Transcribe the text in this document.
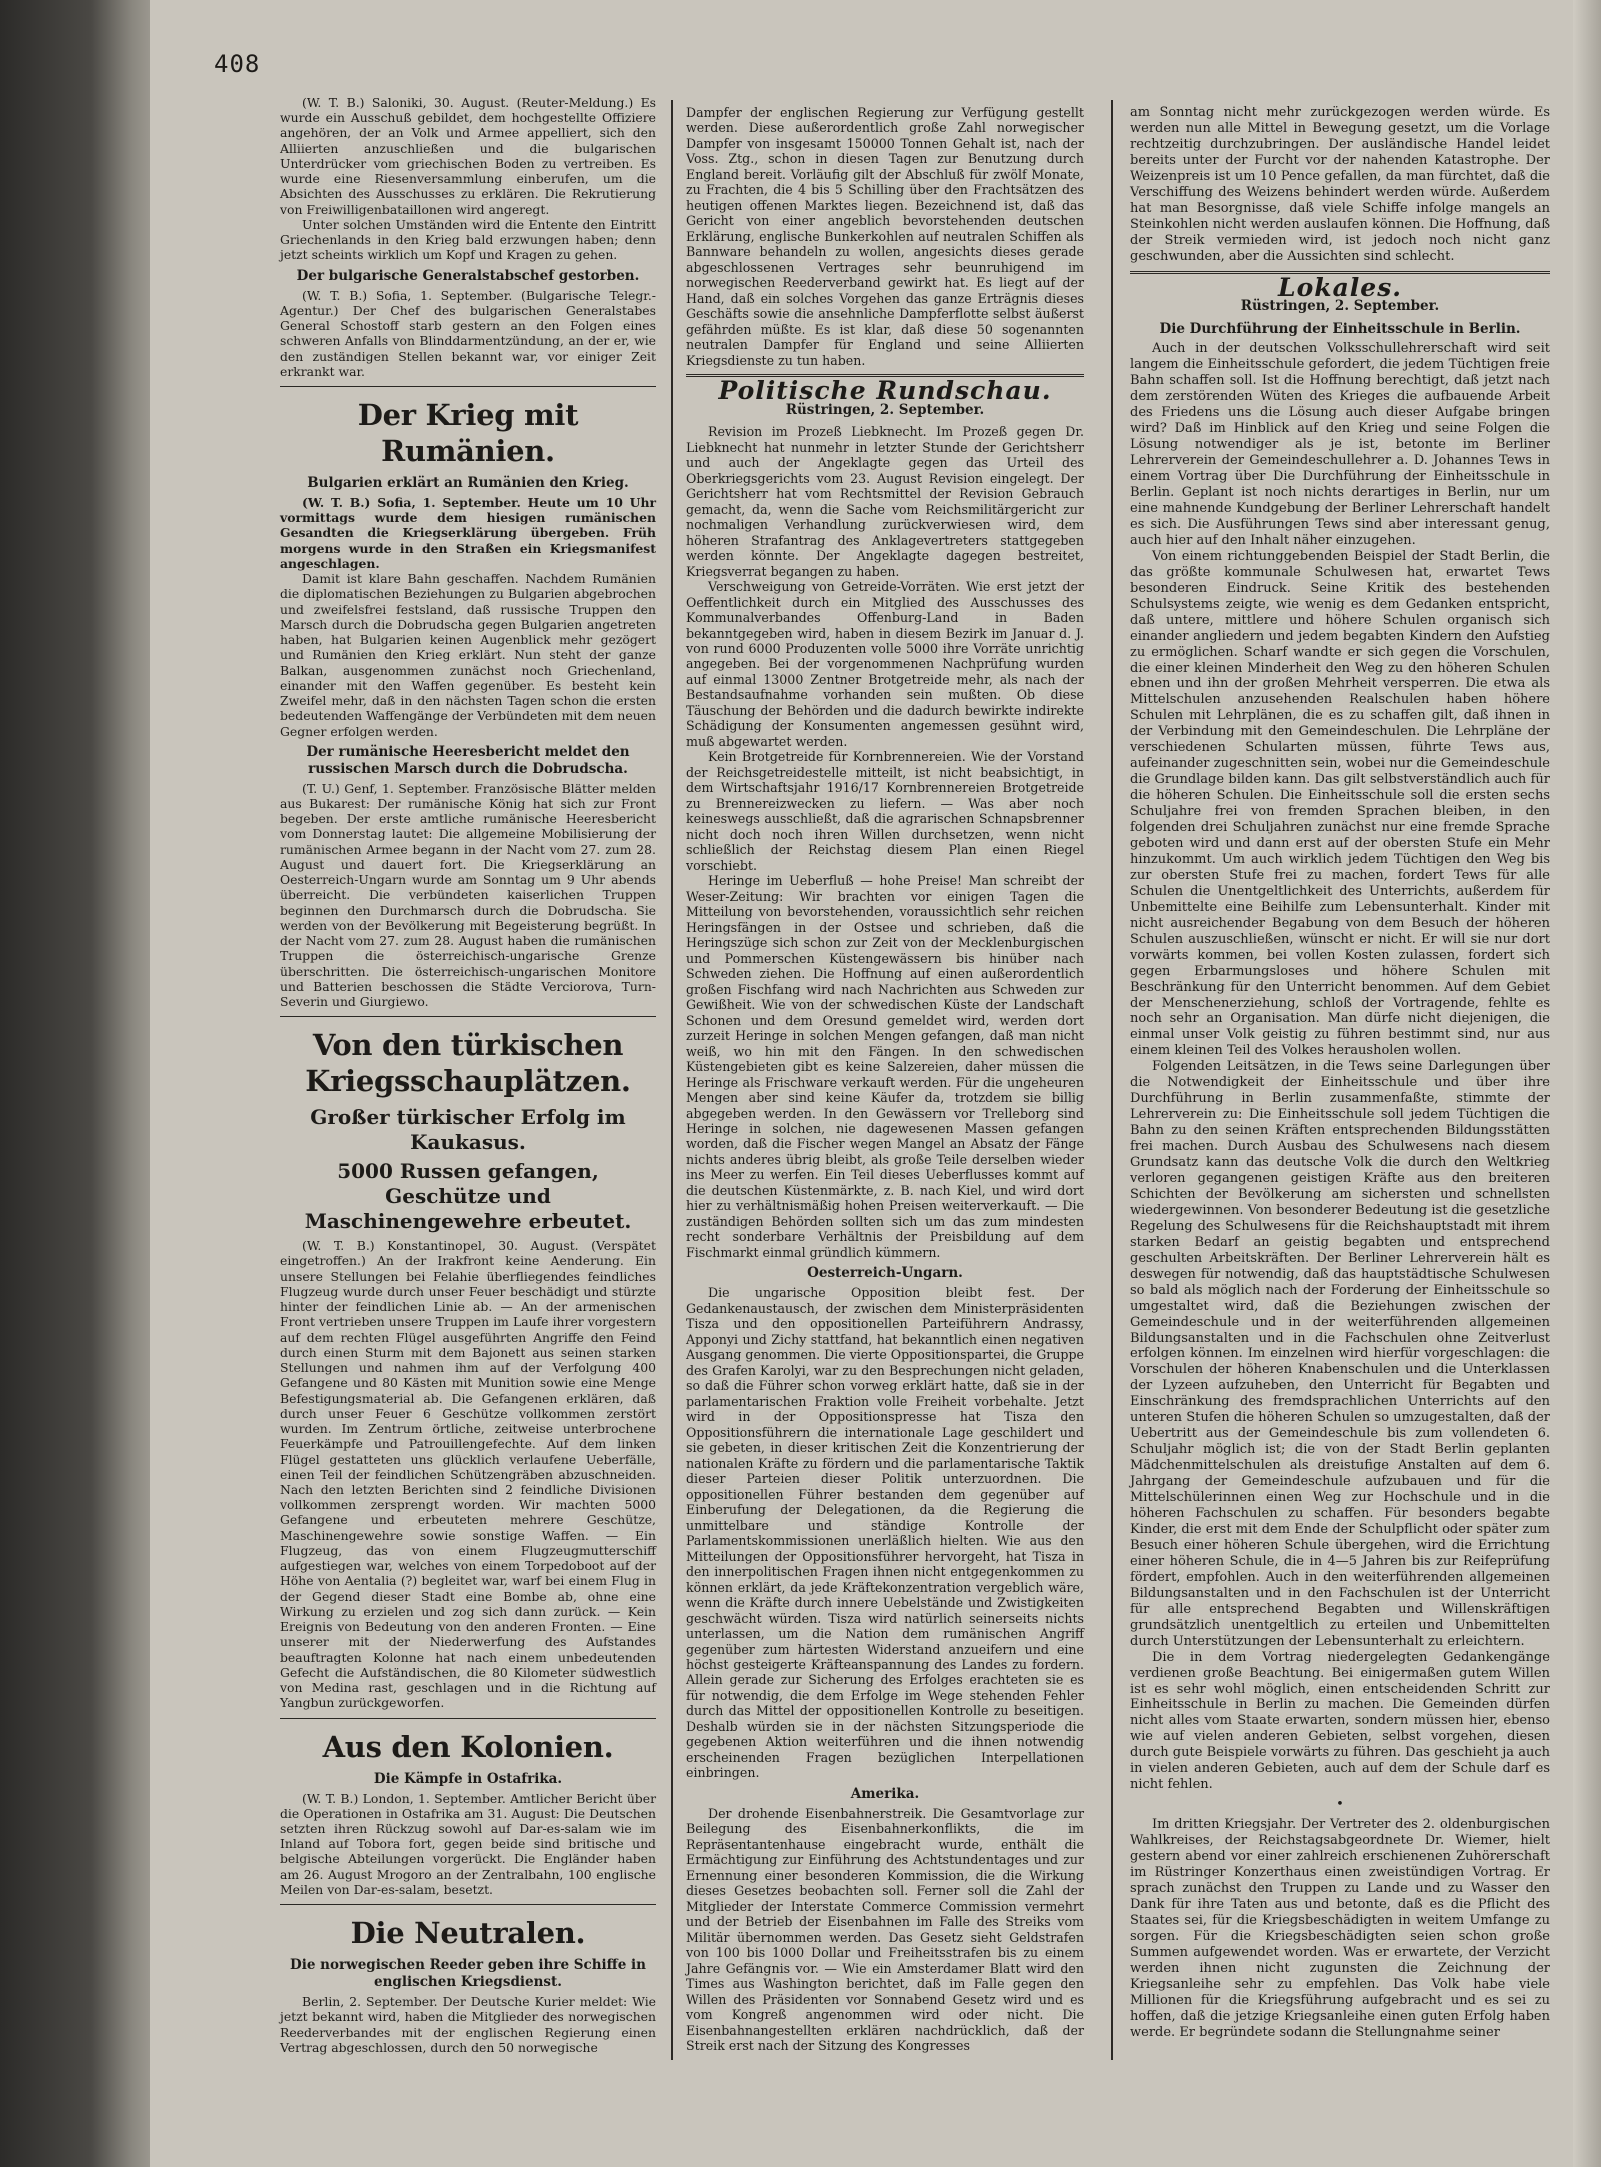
408

(W. T. B.) Saloniki, 30. August. (Reuter-Meldung.) Es wurde ein Ausschuß gebildet, dem hochgestellte Offiziere angehören, der an Volk und Armee appelliert, sich den Alliierten anzuschließen und die bulgarischen Unterdrücker vom griechischen Boden zu vertreiben. Es wurde eine Riesenversammlung einberufen, um die Absichten des Ausschusses zu erklären. Die Rekrutierung von Freiwilligenbataillonen wird angeregt.

Unter solchen Umständen wird die Entente den Eintritt Griechenlands in den Krieg bald erzwungen haben; denn jetzt scheints wirklich um Kopf und Kragen zu gehen.

Der bulgarische Generalstabschef gestorben.

(W. T. B.) Sofia, 1. September. (Bulgarische Telegr.-Agentur.) Der Chef des bulgarischen Generalstabes General Schostoff starb gestern an den Folgen eines schweren Anfalls von Blinddarmentzündung, an der er, wie den zuständigen Stellen bekannt war, vor einiger Zeit erkrankt war.

Der Krieg mit Rumänien.
Bulgarien erklärt an Rumänien den Krieg.

(W. T. B.) Sofia, 1. September. Heute um 10 Uhr vormittags wurde dem hiesigen rumänischen Gesandten die Kriegserklärung übergeben. Früh morgens wurde in den Straßen ein Kriegsmanifest angeschlagen.

Damit ist klare Bahn geschaffen. Nachdem Rumänien die diplomatischen Beziehungen zu Bulgarien abgebrochen und zweifelsfrei festsland, daß russische Truppen den Marsch durch die Dobrudscha gegen Bulgarien angetreten haben, hat Bulgarien keinen Augenblick mehr gezögert und Rumänien den Krieg erklärt. Nun steht der ganze Balkan, ausgenommen zunächst noch Griechenland, einander mit den Waffen gegenüber. Es besteht kein Zweifel mehr, daß in den nächsten Tagen schon die ersten bedeutenden Waffengänge der Verbündeten mit dem neuen Gegner erfolgen werden.

Der rumänische Heeresbericht meldet den russischen Marsch durch die Dobrudscha.

(T. U.) Genf, 1. September. Französische Blätter melden aus Bukarest: Der rumänische König hat sich zur Front begeben. Der erste amtliche rumänische Heeresbericht vom Donnerstag lautet: Die allgemeine Mobilisierung der rumänischen Armee begann in der Nacht vom 27. zum 28. August und dauert fort. Die Kriegserklärung an Oesterreich-Ungarn wurde am Sonntag um 9 Uhr abends überreicht. Die verbündeten kaiserlichen Truppen beginnen den Durchmarsch durch die Dobrudscha. Sie werden von der Bevölkerung mit Begeisterung begrüßt. In der Nacht vom 27. zum 28. August haben die rumänischen Truppen die österreichisch-ungarische Grenze überschritten. Die österreichisch-ungarischen Monitore und Batterien beschossen die Städte Verciorova, Turn-Severin und Giurgiewo.

Von den türkischen Kriegsschauplätzen.
Großer türkischer Erfolg im Kaukasus.
5000 Russen gefangen, Geschütze und Maschinengewehre erbeutet.

(W. T. B.) Konstantinopel, 30. August. (Verspätet eingetroffen.) An der Irakfront keine Aenderung. Ein unsere Stellungen bei Felahie überfliegendes feindliches Flugzeug wurde durch unser Feuer beschädigt und stürzte hinter der feindlichen Linie ab. — An der armenischen Front vertrieben unsere Truppen im Laufe ihrer vorgestern auf dem rechten Flügel ausgeführten Angriffe den Feind durch einen Sturm mit dem Bajonett aus seinen starken Stellungen und nahmen ihm auf der Verfolgung 400 Gefangene und 80 Kästen mit Munition sowie eine Menge Befestigungsmaterial ab. Die Gefangenen erklären, daß durch unser Feuer 6 Geschütze vollkommen zerstört wurden. Im Zentrum örtliche, zeitweise unterbrochene Feuerkämpfe und Patrouillengefechte. Auf dem linken Flügel gestatteten uns glücklich verlaufene Ueberfälle, einen Teil der feindlichen Schützengräben abzuschneiden. Nach den letzten Berichten sind 2 feindliche Divisionen vollkommen zersprengt worden. Wir machten 5000 Gefangene und erbeuteten mehrere Geschütze, Maschinengewehre sowie sonstige Waffen. — Ein Flugzeug, das von einem Flugzeugmutterschiff aufgestiegen war, welches von einem Torpedoboot auf der Höhe von Aentalia (?) begleitet war, warf bei einem Flug in der Gegend dieser Stadt eine Bombe ab, ohne eine Wirkung zu erzielen und zog sich dann zurück. — Kein Ereignis von Bedeutung von den anderen Fronten. — Eine unserer mit der Niederwerfung des Aufstandes beauftragten Kolonne hat nach einem unbedeutenden Gefecht die Aufständischen, die 80 Kilometer südwestlich von Medina rast, geschlagen und in die Richtung auf Yangbun zurückgeworfen.

Aus den Kolonien.
Die Kämpfe in Ostafrika.

(W. T. B.) London, 1. September. Amtlicher Bericht über die Operationen in Ostafrika am 31. August: Die Deutschen setzten ihren Rückzug sowohl auf Dar-es-salam wie im Inland auf Tobora fort, gegen beide sind britische und belgische Abteilungen vorgerückt. Die Engländer haben am 26. August Mrogoro an der Zentralbahn, 100 englische Meilen von Dar-es-salam, besetzt.

Die Neutralen.
Die norwegischen Reeder geben ihre Schiffe in englischen Kriegsdienst.

Berlin, 2. September. Der Deutsche Kurier meldet: Wie jetzt bekannt wird, haben die Mitglieder des norwegischen Reederverbandes mit der englischen Regierung einen Vertrag abgeschlossen, durch den 50 norwegische

Dampfer der englischen Regierung zur Verfügung gestellt werden. Diese außerordentlich große Zahl norwegischer Dampfer von insgesamt 150000 Tonnen Gehalt ist, nach der Voss. Ztg., schon in diesen Tagen zur Benutzung durch England bereit. Vorläufig gilt der Abschluß für zwölf Monate, zu Frachten, die 4 bis 5 Schilling über den Frachtsätzen des heutigen offenen Marktes liegen. Bezeichnend ist, daß das Gericht von einer angeblich bevorstehenden deutschen Erklärung, englische Bunkerkohlen auf neutralen Schiffen als Bannware behandeln zu wollen, angesichts dieses gerade abgeschlossenen Vertrages sehr beunruhigend im norwegischen Reederverband gewirkt hat. Es liegt auf der Hand, daß ein solches Vorgehen das ganze Erträgnis dieses Geschäfts sowie die ansehnliche Dampferflotte selbst äußerst gefährden müßte. Es ist klar, daß diese 50 sogenannten neutralen Dampfer für England und seine Alliierten Kriegsdienste zu tun haben.

Politische Rundschau.
Rüstringen, 2. September.

Revision im Prozeß Liebknecht. Im Prozeß gegen Dr. Liebknecht hat nunmehr in letzter Stunde der Gerichtsherr und auch der Angeklagte gegen das Urteil des Oberkriegsgerichts vom 23. August Revision eingelegt. Der Gerichtsherr hat vom Rechtsmittel der Revision Gebrauch gemacht, da, wenn die Sache vom Reichsmilitärgericht zur nochmaligen Verhandlung zurückverwiesen wird, dem höheren Strafantrag des Anklagevertreters stattgegeben werden könnte. Der Angeklagte dagegen bestreitet, Kriegsverrat begangen zu haben.

Verschweigung von Getreide-Vorräten. Wie erst jetzt der Oeffentlichkeit durch ein Mitglied des Ausschusses des Kommunalverbandes Offenburg-Land in Baden bekanntgegeben wird, haben in diesem Bezirk im Januar d. J. von rund 6000 Produzenten volle 5000 ihre Vorräte unrichtig angegeben. Bei der vorgenommenen Nachprüfung wurden auf einmal 13000 Zentner Brotgetreide mehr, als nach der Bestandsaufnahme vorhanden sein mußten. Ob diese Täuschung der Behörden und die dadurch bewirkte indirekte Schädigung der Konsumenten angemessen gesühnt wird, muß abgewartet werden.

Kein Brotgetreide für Kornbrennereien. Wie der Vorstand der Reichsgetreidestelle mitteilt, ist nicht beabsichtigt, in dem Wirtschaftsjahr 1916/17 Kornbrennereien Brotgetreide zu Brennereizwecken zu liefern. — Was aber noch keineswegs ausschließt, daß die agrarischen Schnapsbrenner nicht doch noch ihren Willen durchsetzen, wenn nicht schließlich der Reichstag diesem Plan einen Riegel vorschiebt.

Heringe im Ueberfluß — hohe Preise! Man schreibt der Weser-Zeitung: Wir brachten vor einigen Tagen die Mitteilung von bevorstehenden, voraussichtlich sehr reichen Heringsfängen in der Ostsee und schrieben, daß die Heringszüge sich schon zur Zeit von der Mecklenburgischen und Pommerschen Küstengewässern bis hinüber nach Schweden ziehen. Die Hoffnung auf einen außerordentlich großen Fischfang wird nach Nachrichten aus Schweden zur Gewißheit. Wie von der schwedischen Küste der Landschaft Schonen und dem Oresund gemeldet wird, werden dort zurzeit Heringe in solchen Mengen gefangen, daß man nicht weiß, wo hin mit den Fängen. In den schwedischen Küstengebieten gibt es keine Salzereien, daher müssen die Heringe als Frischware verkauft werden. Für die ungeheuren Mengen aber sind keine Käufer da, trotzdem sie billig abgegeben werden. In den Gewässern vor Trelleborg sind Heringe in solchen, nie dagewesenen Massen gefangen worden, daß die Fischer wegen Mangel an Absatz der Fänge nichts anderes übrig bleibt, als große Teile derselben wieder ins Meer zu werfen. Ein Teil dieses Ueberflusses kommt auf die deutschen Küstenmärkte, z. B. nach Kiel, und wird dort hier zu verhältnismäßig hohen Preisen weiterverkauft. — Die zuständigen Behörden sollten sich um das zum mindesten recht sonderbare Verhältnis der Preisbildung auf dem Fischmarkt einmal gründlich kümmern.

Oesterreich-Ungarn.

Die ungarische Opposition bleibt fest. Der Gedankenaustausch, der zwischen dem Ministerpräsidenten Tisza und den oppositionellen Parteiführern Andrassy, Apponyi und Zichy stattfand, hat bekanntlich einen negativen Ausgang genommen. Die vierte Oppositionspartei, die Gruppe des Grafen Karolyi, war zu den Besprechungen nicht geladen, so daß die Führer schon vorweg erklärt hatte, daß sie in der parlamentarischen Fraktion volle Freiheit vorbehalte. Jetzt wird in der Oppositionspresse hat Tisza den Oppositionsführern die internationale Lage geschildert und sie gebeten, in dieser kritischen Zeit die Konzentrierung der nationalen Kräfte zu fördern und die parlamentarische Taktik dieser Parteien dieser Politik unterzuordnen. Die oppositionellen Führer bestanden dem gegenüber auf Einberufung der Delegationen, da die Regierung die unmittelbare und ständige Kontrolle der Parlamentskommissionen unerläßlich hielten. Wie aus den Mitteilungen der Oppositionsführer hervorgeht, hat Tisza in den innerpolitischen Fragen ihnen nicht entgegenkommen zu können erklärt, da jede Kräftekonzentration vergeblich wäre, wenn die Kräfte durch innere Uebelstände und Zwistigkeiten geschwächt würden. Tisza wird natürlich seinerseits nichts unterlassen, um die Nation dem rumänischen Angriff gegenüber zum härtesten Widerstand anzueifern und eine höchst gesteigerte Kräfteanspannung des Landes zu fordern. Allein gerade zur Sicherung des Erfolges erachteten sie es für notwendig, die dem Erfolge im Wege stehenden Fehler durch das Mittel der oppositionellen Kontrolle zu beseitigen. Deshalb würden sie in der nächsten Sitzungsperiode die gegebenen Aktion weiterführen und die ihnen notwendig erscheinenden Fragen bezüglichen Interpellationen einbringen.

Amerika.

Der drohende Eisenbahnerstreik. Die Gesamtvorlage zur Beilegung des Eisenbahnerkonflikts, die im Repräsentantenhause eingebracht wurde, enthält die Ermächtigung zur Einführung des Achtstundentages und zur Ernennung einer besonderen Kommission, die die Wirkung dieses Gesetzes beobachten soll. Ferner soll die Zahl der Mitglieder der Interstate Commerce Commission vermehrt und der Betrieb der Eisenbahnen im Falle des Streiks vom Militär übernommen werden. Das Gesetz sieht Geldstrafen von 100 bis 1000 Dollar und Freiheitsstrafen bis zu einem Jahre Gefängnis vor. — Wie ein Amsterdamer Blatt wird den Times aus Washington berichtet, daß im Falle gegen den Willen des Präsidenten vor Sonnabend Gesetz wird und es vom Kongreß angenommen wird oder nicht. Die Eisenbahnangestellten erklären nachdrücklich, daß der Streik erst nach der Sitzung des Kongresses

am Sonntag nicht mehr zurückgezogen werden würde. Es werden nun alle Mittel in Bewegung gesetzt, um die Vorlage rechtzeitig durchzubringen. Der ausländische Handel leidet bereits unter der Furcht vor der nahenden Katastrophe. Der Weizenpreis ist um 10 Pence gefallen, da man fürchtet, daß die Verschiffung des Weizens behindert werden würde. Außerdem hat man Besorgnisse, daß viele Schiffe infolge mangels an Steinkohlen nicht werden auslaufen können. Die Hoffnung, daß der Streik vermieden wird, ist jedoch noch nicht ganz geschwunden, aber die Aussichten sind schlecht.

Lokales.
Rüstringen, 2. September.
Die Durchführung der Einheitsschule in Berlin.

Auch in der deutschen Volksschullehrerschaft wird seit langem die Einheitsschule gefordert, die jedem Tüchtigen freie Bahn schaffen soll. Ist die Hoffnung berechtigt, daß jetzt nach dem zerstörenden Wüten des Krieges die aufbauende Arbeit des Friedens uns die Lösung auch dieser Aufgabe bringen wird? Daß im Hinblick auf den Krieg und seine Folgen die Lösung notwendiger als je ist, betonte im Berliner Lehrerverein der Gemeindeschullehrer a. D. Johannes Tews in einem Vortrag über Die Durchführung der Einheitsschule in Berlin. Geplant ist noch nichts derartiges in Berlin, nur um eine mahnende Kundgebung der Berliner Lehrerschaft handelt es sich. Die Ausführungen Tews sind aber interessant genug, auch hier auf den Inhalt näher einzugehen.

Von einem richtunggebenden Beispiel der Stadt Berlin, die das größte kommunale Schulwesen hat, erwartet Tews besonderen Eindruck. Seine Kritik des bestehenden Schulsystems zeigte, wie wenig es dem Gedanken entspricht, daß untere, mittlere und höhere Schulen organisch sich einander angliedern und jedem begabten Kindern den Aufstieg zu ermöglichen. Scharf wandte er sich gegen die Vorschulen, die einer kleinen Minderheit den Weg zu den höheren Schulen ebnen und ihn der großen Mehrheit versperren. Die etwa als Mittelschulen anzusehenden Realschulen haben höhere Schulen mit Lehrplänen, die es zu schaffen gilt, daß ihnen in der Verbindung mit den Gemeindeschulen. Die Lehrpläne der verschiedenen Schularten müssen, führte Tews aus, aufeinander zugeschnitten sein, wobei nur die Gemeindeschule die Grundlage bilden kann. Das gilt selbstverständlich auch für die höheren Schulen. Die Einheitsschule soll die ersten sechs Schuljahre frei von fremden Sprachen bleiben, in den folgenden drei Schuljahren zunächst nur eine fremde Sprache geboten wird und dann erst auf der obersten Stufe ein Mehr hinzukommt. Um auch wirklich jedem Tüchtigen den Weg bis zur obersten Stufe frei zu machen, fordert Tews für alle Schulen die Unentgeltlichkeit des Unterrichts, außerdem für Unbemittelte eine Beihilfe zum Lebensunterhalt. Kinder mit nicht ausreichender Begabung von dem Besuch der höheren Schulen auszuschließen, wünscht er nicht. Er will sie nur dort vorwärts kommen, bei vollen Kosten zulassen, fordert sich gegen Erbarmungsloses und höhere Schulen mit Beschränkung für den Unterricht benommen. Auf dem Gebiet der Menschenerziehung, schloß der Vortragende, fehlte es noch sehr an Organisation. Man dürfe nicht diejenigen, die einmal unser Volk geistig zu führen bestimmt sind, nur aus einem kleinen Teil des Volkes herausholen wollen.

Folgenden Leitsätzen, in die Tews seine Darlegungen über die Notwendigkeit der Einheitsschule und über ihre Durchführung in Berlin zusammenfaßte, stimmte der Lehrerverein zu: Die Einheitsschule soll jedem Tüchtigen die Bahn zu den seinen Kräften entsprechenden Bildungsstätten frei machen. Durch Ausbau des Schulwesens nach diesem Grundsatz kann das deutsche Volk die durch den Weltkrieg verloren gegangenen geistigen Kräfte aus den breiteren Schichten der Bevölkerung am sichersten und schnellsten wiedergewinnen. Von besonderer Bedeutung ist die gesetzliche Regelung des Schulwesens für die Reichshauptstadt mit ihrem starken Bedarf an geistig begabten und entsprechend geschulten Arbeitskräften. Der Berliner Lehrerverein hält es deswegen für notwendig, daß das hauptstädtische Schulwesen so bald als möglich nach der Forderung der Einheitsschule so umgestaltet wird, daß die Beziehungen zwischen der Gemeindeschule und in der weiterführenden allgemeinen Bildungsanstalten und in die Fachschulen ohne Zeitverlust erfolgen können. Im einzelnen wird hierfür vorgeschlagen: die Vorschulen der höheren Knabenschulen und die Unterklassen der Lyzeen aufzuheben, den Unterricht für Begabten und Einschränkung des fremdsprachlichen Unterrichts auf den unteren Stufen die höheren Schulen so umzugestalten, daß der Uebertritt aus der Gemeindeschule bis zum vollendeten 6. Schuljahr möglich ist; die von der Stadt Berlin geplanten Mädchenmittelschulen als dreistufige Anstalten auf dem 6. Jahrgang der Gemeindeschule aufzubauen und für die Mittelschülerinnen einen Weg zur Hochschule und in die höheren Fachschulen zu schaffen. Für besonders begabte Kinder, die erst mit dem Ende der Schulpflicht oder später zum Besuch einer höheren Schule übergehen, wird die Errichtung einer höheren Schule, die in 4—5 Jahren bis zur Reifeprüfung fördert, empfohlen. Auch in den weiterführenden allgemeinen Bildungsanstalten und in den Fachschulen ist der Unterricht für alle entsprechend Begabten und Willenskräftigen grundsätzlich unentgeltlich zu erteilen und Unbemittelten durch Unterstützungen der Lebensunterhalt zu erleichtern.

Die in dem Vortrag niedergelegten Gedankengänge verdienen große Beachtung. Bei einigermaßen gutem Willen ist es sehr wohl möglich, einen entscheidenden Schritt zur Einheitsschule in Berlin zu machen. Die Gemeinden dürfen nicht alles vom Staate erwarten, sondern müssen hier, ebenso wie auf vielen anderen Gebieten, selbst vorgehen, diesen durch gute Beispiele vorwärts zu führen. Das geschieht ja auch in vielen anderen Gebieten, auch auf dem der Schule darf es nicht fehlen.

•

Im dritten Kriegsjahr. Der Vertreter des 2. oldenburgischen Wahlkreises, der Reichstagsabgeordnete Dr. Wiemer, hielt gestern abend vor einer zahlreich erschienenen Zuhörerschaft im Rüstringer Konzerthaus einen zweistündigen Vortrag. Er sprach zunächst den Truppen zu Lande und zu Wasser den Dank für ihre Taten aus und betonte, daß es die Pflicht des Staates sei, für die Kriegsbeschädigten in weitem Umfange zu sorgen. Für die Kriegsbeschädigten seien schon große Summen aufgewendet worden. Was er erwartete, der Verzicht werden ihnen nicht zugunsten die Zeichnung der Kriegsanleihe sehr zu empfehlen. Das Volk habe viele Millionen für die Kriegsführung aufgebracht und es sei zu hoffen, daß die jetzige Kriegsanleihe einen guten Erfolg haben werde. Er begründete sodann die Stellungnahme seiner
